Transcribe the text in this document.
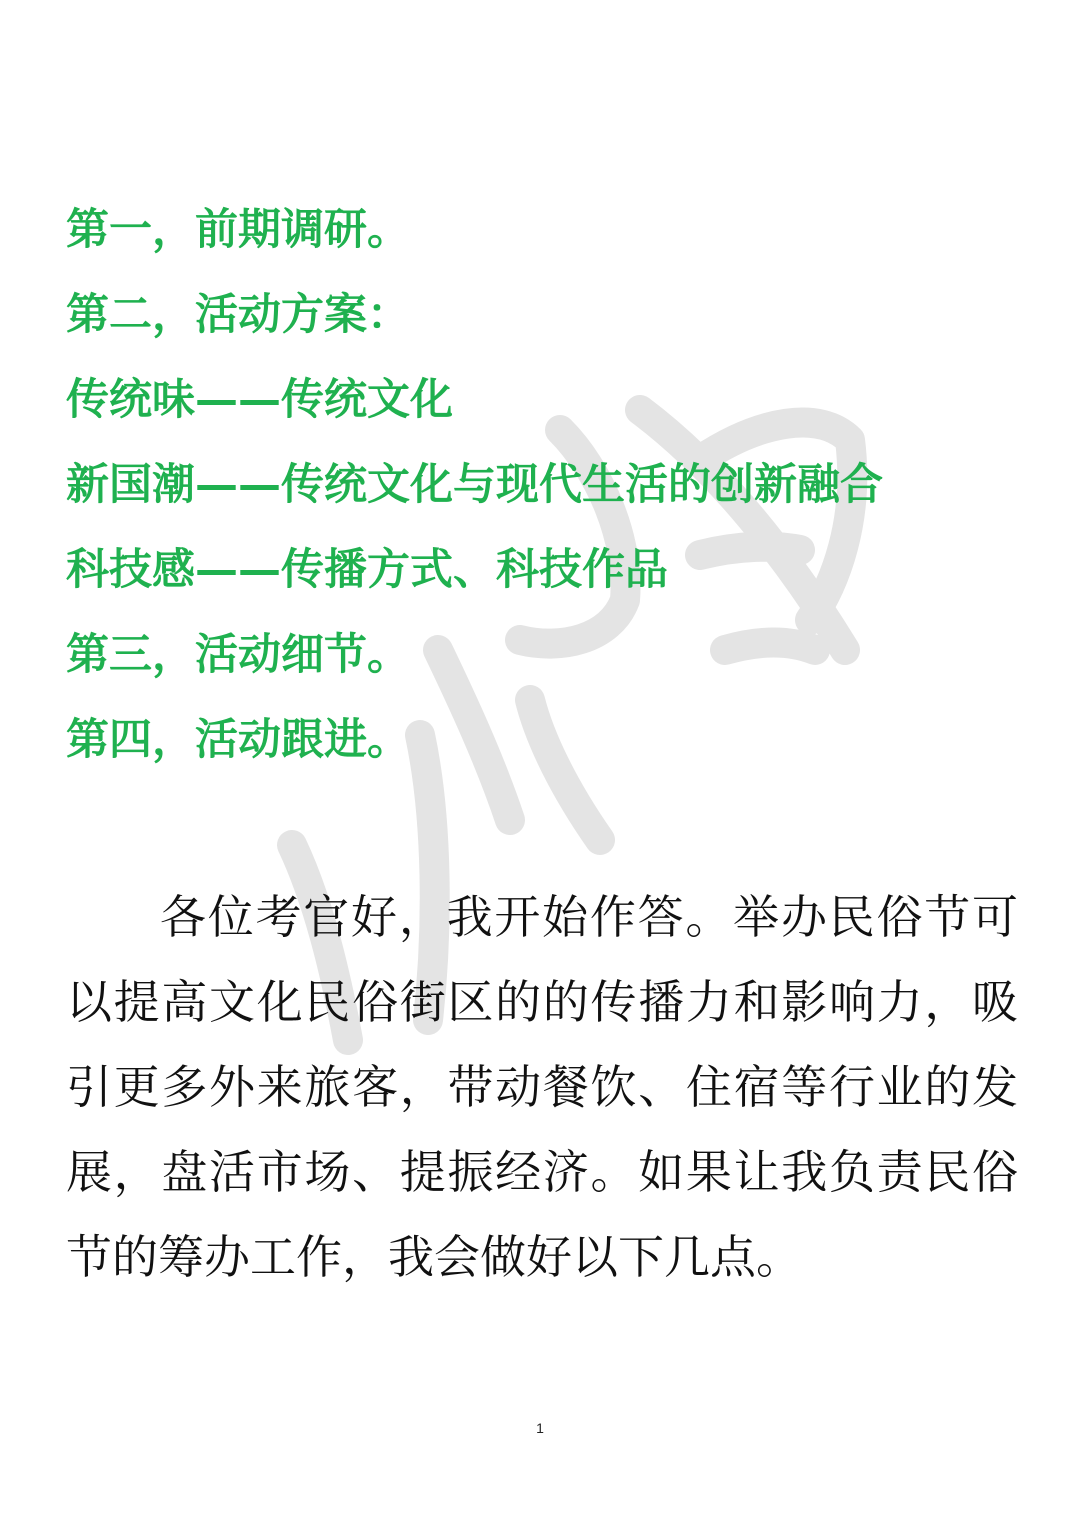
第一，前期调研。
第二，活动方案：
传统味——传统文化
新国潮——传统文化与现代生活的创新融合
科技感——传播方式、科技作品
第三，活动细节。
第四，活动跟进。

各位考官好，我开始作答。举办民俗节可以提高文化民俗街区的的传播力和影响力，吸引更多外来旅客，带动餐饮、住宿等行业的发展，盘活市场、提振经济。如果让我负责民俗节的筹办工作，我会做好以下几点。

1
